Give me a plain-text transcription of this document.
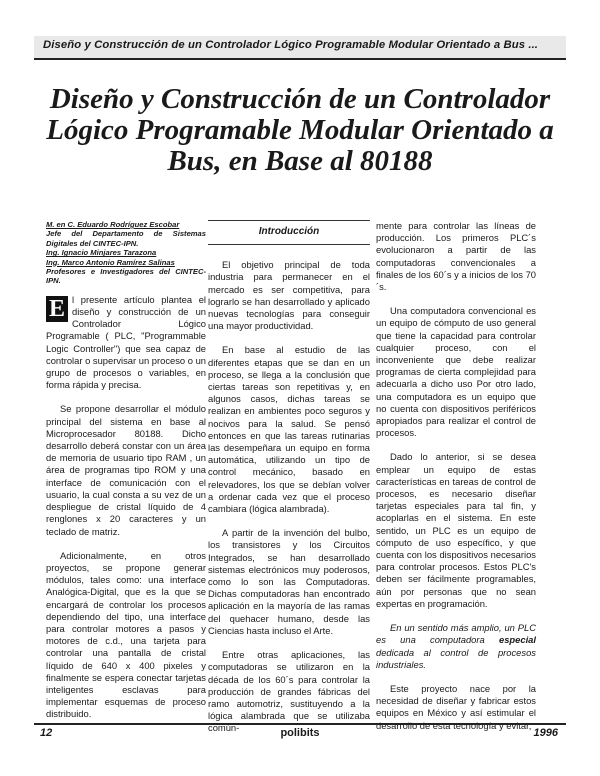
Diseño y Construcción de un Controlador Lógico Programable Modular Orientado a Bus ...
Diseño y Construcción de un Controlador Lógico Programable Modular Orientado a Bus, en Base al 80188
M. en C. Eduardo Rodríguez Escobar
Jefe del Departamento de Sistemas Digitales del CINTEC-IPN.
Ing. Ignacio Minjares Tarazona
Ing. Marco Antonio Ramírez Salinas
Profesores e Investigadores del CINTEC-IPN.

E l presente artículo plantea el diseño y construcción de un Controlador Lógico Programable ( PLC, "Programmable Logic Controller") que sea capaz de controlar o supervisar un proceso o un grupo de procesos o variables, en forma rápida y precisa.

Se propone desarrollar el módulo principal del sistema en base al Microprocesador 80188. Dicho desarrollo deberá constar con un área de memoria de usuario tipo RAM , un área de programas tipo ROM y una interface de comunicación con el usuario, la cual consta a su vez de un despliegue de cristal líquido de 4 renglones x 20 caracteres y un teclado de matriz.

Adicionalmente, en otros proyectos, se propone generar módulos, tales como: una interface Analógica-Digital, que es la que se encargará de controlar los procesos dependiendo del tipo, una interface para controlar motores a pasos y motores de c.d., una tarjeta para controlar una pantalla de cristal líquido de 640 x 400 pixeles y finalmente se espera conectar tarjetas inteligentes esclavas para implementar esquemas de proceso distribuido.

Introducción

El objetivo principal de toda industria para permanecer en el mercado es ser competitiva, para lograrlo se han desarrollado y aplicado nuevas tecnologías para conseguir una mayor productividad.

En base al estudio de las diferentes etapas que se dan en un proceso, se llega a la conclusión que ciertas tareas son repetitivas y, en algunos casos, dichas tareas se realizan en ambientes poco seguros y nocivos para la salud. Se pensó entonces en que las tareas rutinarias las desempeñara un equipo en forma automática, utilizando un tipo de control mecánico, basado en relevadores, los que se debían volver a ordenar cada vez que el proceso cambiara (lógica alambrada).

A partir de la invención del bulbo, los transistores y los Circuitos Integrados, se han desarrollado sistemas electrónicos muy poderosos, como lo son las Computadoras. Dichas computadoras han encontrado aplicación en la mayoría de las ramas del quehacer humano, desde las Ciencias hasta incluso el Arte.

Entre otras aplicaciones, las computadoras se utilizaron en la década de los 60´s para controlar la producción de grandes fábricas del ramo automotriz, sustituyendo a la lógica alambrada que se utilizaba común-

mente para controlar las líneas de producción. Los primeros PLC´s evolucionaron a partir de las computadoras convencionales a finales de los 60´s y a inicios de los 70´s.

Una computadora convencional es un equipo de cómputo de uso general que tiene la capacidad para controlar cualquier proceso, con el inconveniente que debe realizar programas de cierta complejidad para adecuarla a dicho uso Por otro lado, una computadora es un equipo que no cuenta con dispositivos periféricos apropiados para realizar el control de procesos.

Dado lo anterior, si se desea emplear un equipo de estas características en tareas de control de procesos, es necesario diseñar tarjetas especiales para tal fin, y acoplarlas en el sistema. En este sentido, un PLC es un equipo de cómputo de uso específico, y que cuenta con los dispositivos necesarios para controlar procesos. Estos PLC's deben ser fácilmente programables, aún por personas que no sean expertas en programación.

En un sentido más amplio, un PLC es una computadora especial dedicada al control de procesos industriales.

Este proyecto nace por la necesidad de diseñar y fabricar estos equipos en México y así estimular el desarrollo de esta tecnología y evitar,

12	polibits	1996
